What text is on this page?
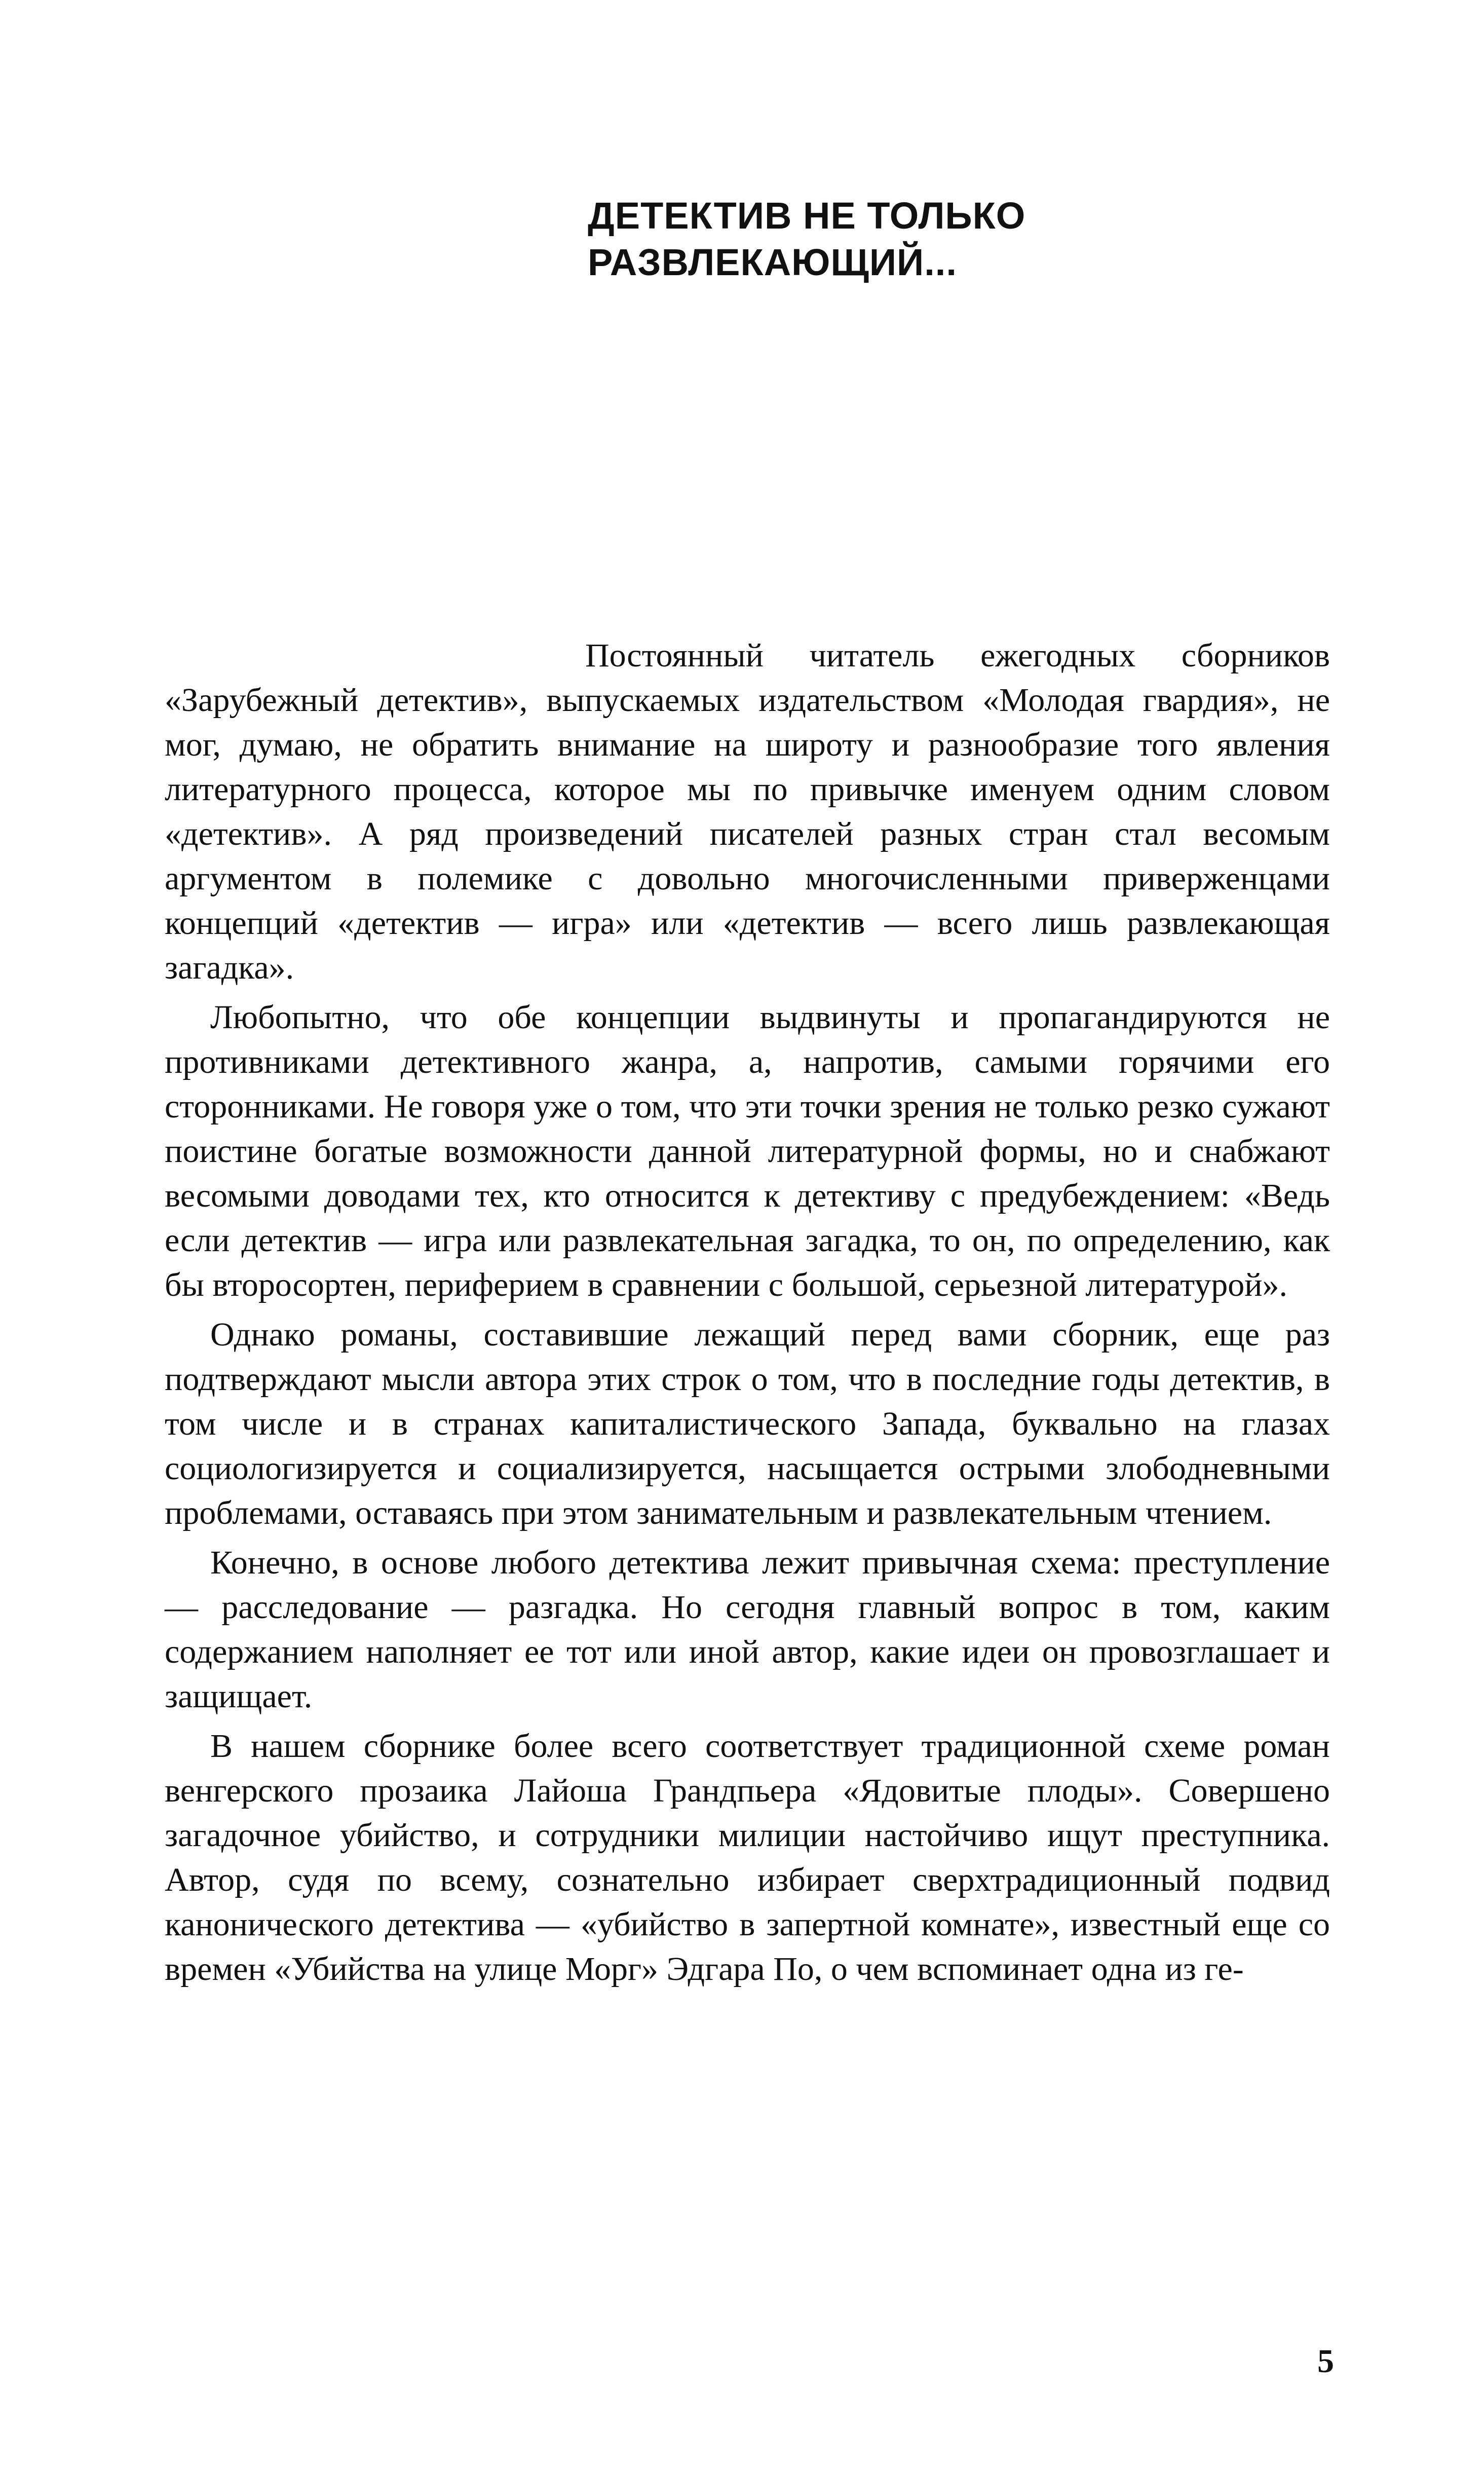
ДЕТЕКТИВ НЕ ТОЛЬКО
РАЗВЛЕКАЮЩИЙ...

Постоянный читатель ежегодных сборников «Зарубежный детектив», выпускаемых издательством «Молодая гвардия», не мог, думаю, не обратить внимание на широту и разнообразие того явления литературного процесса, которое мы по привычке именуем одним словом «детектив». А ряд произведений писателей разных стран стал весомым аргументом в полемике с довольно многочисленными приверженцами концепций «детектив — игра» или «детектив — всего лишь развлекающая загадка».

Любопытно, что обе концепции выдвинуты и пропагандируются не противниками детективного жанра, а, напротив, самыми горячими его сторонниками. Не говоря уже о том, что эти точки зрения не только резко сужают поистине богатые возможности данной литературной формы, но и снабжают весомыми доводами тех, кто относится к детективу с предубеждением: «Ведь если детектив — игра или развлекательная загадка, то он, по определению, как бы второсортен, периферием в сравнении с большой, серьезной литературой».

Однако романы, составившие лежащий перед вами сборник, еще раз подтверждают мысли автора этих строк о том, что в последние годы детектив, в том числе и в странах капиталистического Запада, буквально на глазах социологизируется и социализируется, насыщается острыми злободневными проблемами, оставаясь при этом занимательным и развлекательным чтением.

Конечно, в основе любого детектива лежит привычная схема: преступление — расследование — разгадка. Но сегодня главный вопрос в том, каким содержанием наполняет ее тот или иной автор, какие идеи он провозглашает и защищает.

В нашем сборнике более всего соответствует традиционной схеме роман венгерского прозаика Лайоша Грандпьера «Ядовитые плоды». Совершено загадочное убийство, и сотрудники милиции настойчиво ищут преступника. Автор, судя по всему, сознательно избирает сверхтрадиционный подвид канонического детектива — «убийство в запертной комнате», известный еще со времен «Убийства на улице Морг» Эдгара По, о чем вспоминает одна из ге-

5
